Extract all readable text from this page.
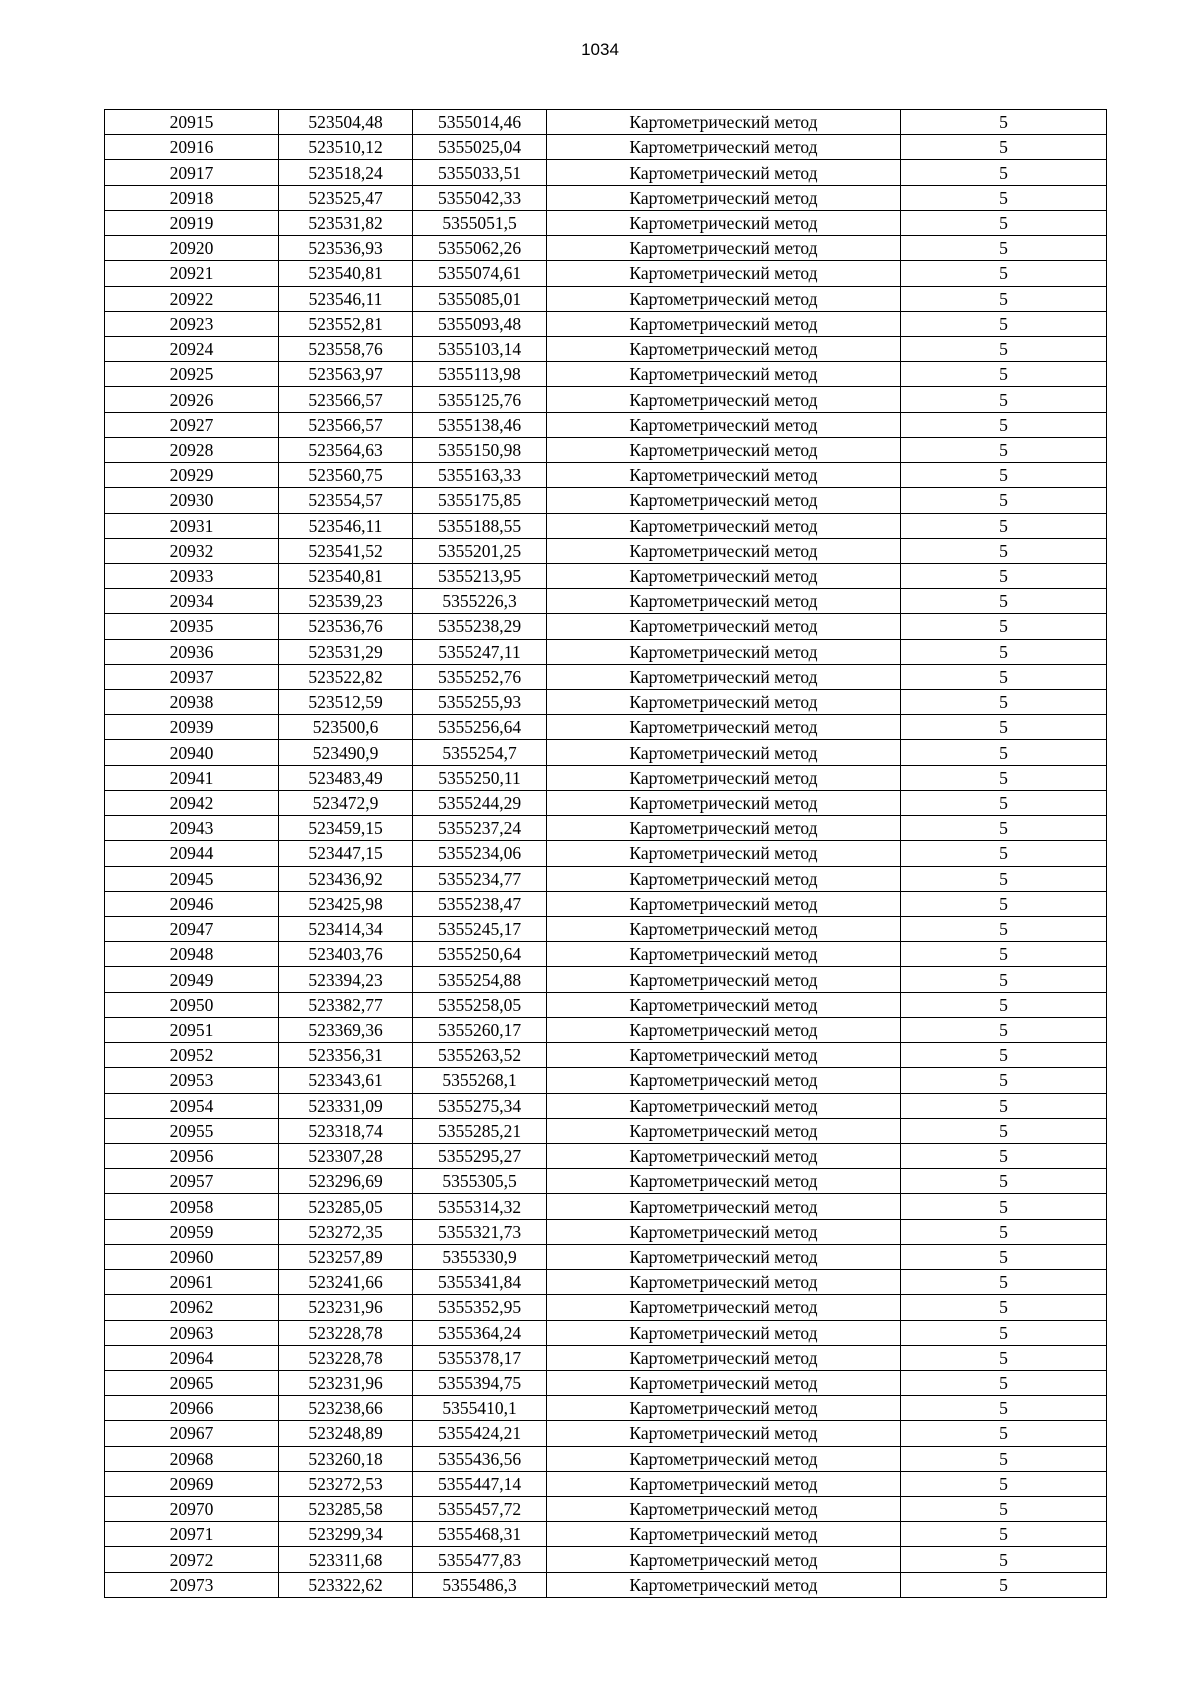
1034
20915	523504,48	5355014,46	Картометрический метод	5
20916	523510,12	5355025,04	Картометрический метод	5
20917	523518,24	5355033,51	Картометрический метод	5
20918	523525,47	5355042,33	Картометрический метод	5
20919	523531,82	5355051,5	Картометрический метод	5
20920	523536,93	5355062,26	Картометрический метод	5
20921	523540,81	5355074,61	Картометрический метод	5
20922	523546,11	5355085,01	Картометрический метод	5
20923	523552,81	5355093,48	Картометрический метод	5
20924	523558,76	5355103,14	Картометрический метод	5
20925	523563,97	5355113,98	Картометрический метод	5
20926	523566,57	5355125,76	Картометрический метод	5
20927	523566,57	5355138,46	Картометрический метод	5
20928	523564,63	5355150,98	Картометрический метод	5
20929	523560,75	5355163,33	Картометрический метод	5
20930	523554,57	5355175,85	Картометрический метод	5
20931	523546,11	5355188,55	Картометрический метод	5
20932	523541,52	5355201,25	Картометрический метод	5
20933	523540,81	5355213,95	Картометрический метод	5
20934	523539,23	5355226,3	Картометрический метод	5
20935	523536,76	5355238,29	Картометрический метод	5
20936	523531,29	5355247,11	Картометрический метод	5
20937	523522,82	5355252,76	Картометрический метод	5
20938	523512,59	5355255,93	Картометрический метод	5
20939	523500,6	5355256,64	Картометрический метод	5
20940	523490,9	5355254,7	Картометрический метод	5
20941	523483,49	5355250,11	Картометрический метод	5
20942	523472,9	5355244,29	Картометрический метод	5
20943	523459,15	5355237,24	Картометрический метод	5
20944	523447,15	5355234,06	Картометрический метод	5
20945	523436,92	5355234,77	Картометрический метод	5
20946	523425,98	5355238,47	Картометрический метод	5
20947	523414,34	5355245,17	Картометрический метод	5
20948	523403,76	5355250,64	Картометрический метод	5
20949	523394,23	5355254,88	Картометрический метод	5
20950	523382,77	5355258,05	Картометрический метод	5
20951	523369,36	5355260,17	Картометрический метод	5
20952	523356,31	5355263,52	Картометрический метод	5
20953	523343,61	5355268,1	Картометрический метод	5
20954	523331,09	5355275,34	Картометрический метод	5
20955	523318,74	5355285,21	Картометрический метод	5
20956	523307,28	5355295,27	Картометрический метод	5
20957	523296,69	5355305,5	Картометрический метод	5
20958	523285,05	5355314,32	Картометрический метод	5
20959	523272,35	5355321,73	Картометрический метод	5
20960	523257,89	5355330,9	Картометрический метод	5
20961	523241,66	5355341,84	Картометрический метод	5
20962	523231,96	5355352,95	Картометрический метод	5
20963	523228,78	5355364,24	Картометрический метод	5
20964	523228,78	5355378,17	Картометрический метод	5
20965	523231,96	5355394,75	Картометрический метод	5
20966	523238,66	5355410,1	Картометрический метод	5
20967	523248,89	5355424,21	Картометрический метод	5
20968	523260,18	5355436,56	Картометрический метод	5
20969	523272,53	5355447,14	Картометрический метод	5
20970	523285,58	5355457,72	Картометрический метод	5
20971	523299,34	5355468,31	Картометрический метод	5
20972	523311,68	5355477,83	Картометрический метод	5
20973	523322,62	5355486,3	Картометрический метод	5
